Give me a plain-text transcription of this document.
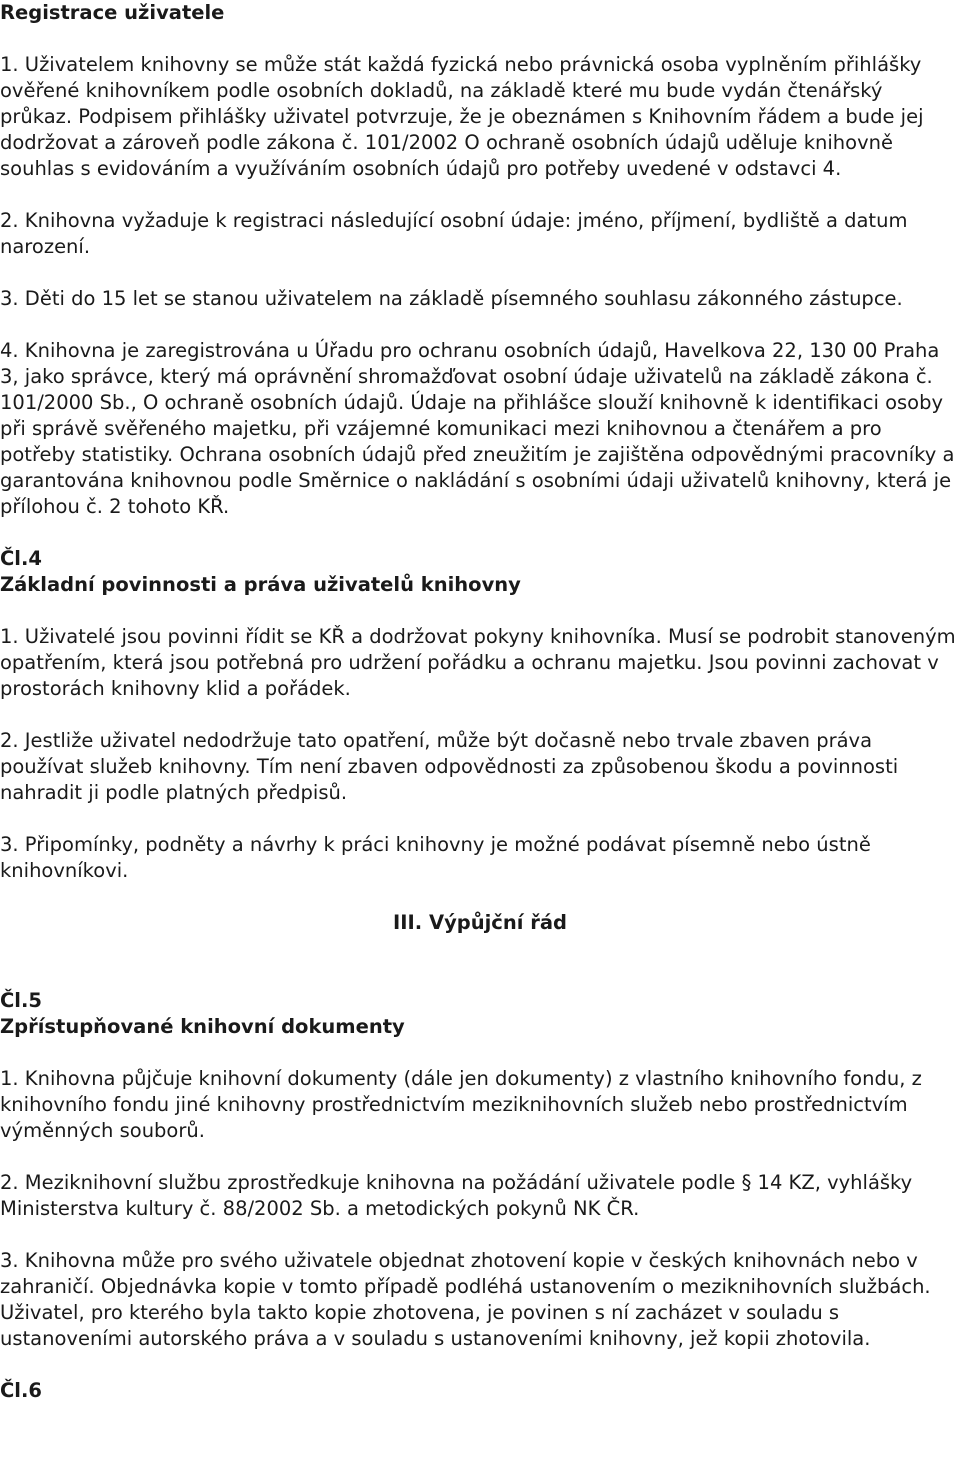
Registrace uživatele
1. Uživatelem knihovny se může stát každá fyzická nebo právnická osoba vyplněním přihlášky ověřené knihovníkem podle osobních dokladů, na základě které mu bude vydán čtenářský průkaz. Podpisem přihlášky uživatel potvrzuje, že je obeznámen s Knihovním řádem a bude jej dodržovat a zároveň podle zákona č. 101/2002 O ochraně osobních údajů uděluje knihovně souhlas s evidováním a využíváním osobních údajů pro potřeby uvedené v odstavci 4.
2. Knihovna vyžaduje k registraci následující osobní údaje: jméno, příjmení, bydliště a datum narození.
3. Děti do 15 let se stanou uživatelem na základě písemného souhlasu zákonného zástupce.
4. Knihovna je zaregistrována u Úřadu pro ochranu osobních údajů, Havelkova 22, 130 00 Praha 3, jako správce, který má oprávnění shromažďovat osobní údaje uživatelů na základě zákona č. 101/2000 Sb., O ochraně osobních údajů. Údaje na přihlášce slouží knihovně k identifikaci osoby při správě svěřeného majetku, při vzájemné komunikaci mezi knihovnou a čtenářem a pro potřeby statistiky. Ochrana osobních údajů před zneužitím je zajištěna odpovědnými pracovníky a garantována knihovnou podle Směrnice o nakládání s osobními údaji uživatelů knihovny, která je přílohou č. 2 tohoto KŘ.
Čl.4
Základní povinnosti a práva uživatelů knihovny
1. Uživatelé jsou povinni řídit se KŘ a dodržovat pokyny knihovníka. Musí se podrobit stanoveným opatřením, která jsou potřebná pro udržení pořádku a ochranu majetku. Jsou povinni zachovat v prostorách knihovny klid a pořádek.
2. Jestliže uživatel nedodržuje tato opatření, může být dočasně nebo trvale zbaven práva používat služeb knihovny. Tím není zbaven odpovědnosti za způsobenou škodu a povinnosti nahradit ji podle platných předpisů.
3. Připomínky, podněty a návrhy k práci knihovny je možné podávat písemně nebo ústně knihovníkovi.
III. Výpůjční řád
Čl.5
Zpřístupňované knihovní dokumenty
1. Knihovna půjčuje knihovní dokumenty (dále jen dokumenty) z vlastního knihovního fondu, z knihovního fondu jiné knihovny prostřednictvím meziknihovních služeb nebo prostřednictvím výměnných souborů.
2. Meziknihovní službu zprostředkuje knihovna na požádání uživatele podle § 14 KZ, vyhlášky Ministerstva kultury č. 88/2002 Sb. a metodických pokynů NK ČR.
3. Knihovna může pro svého uživatele objednat zhotovení kopie v českých knihovnách nebo v zahraničí. Objednávka kopie v tomto případě podléhá ustanovením o meziknihovních službách. Uživatel, pro kterého byla takto kopie zhotovena, je povinen s ní zacházet v souladu s ustanoveními autorského práva a v souladu s ustanoveními knihovny, jež kopii zhotovila.
Čl.6
